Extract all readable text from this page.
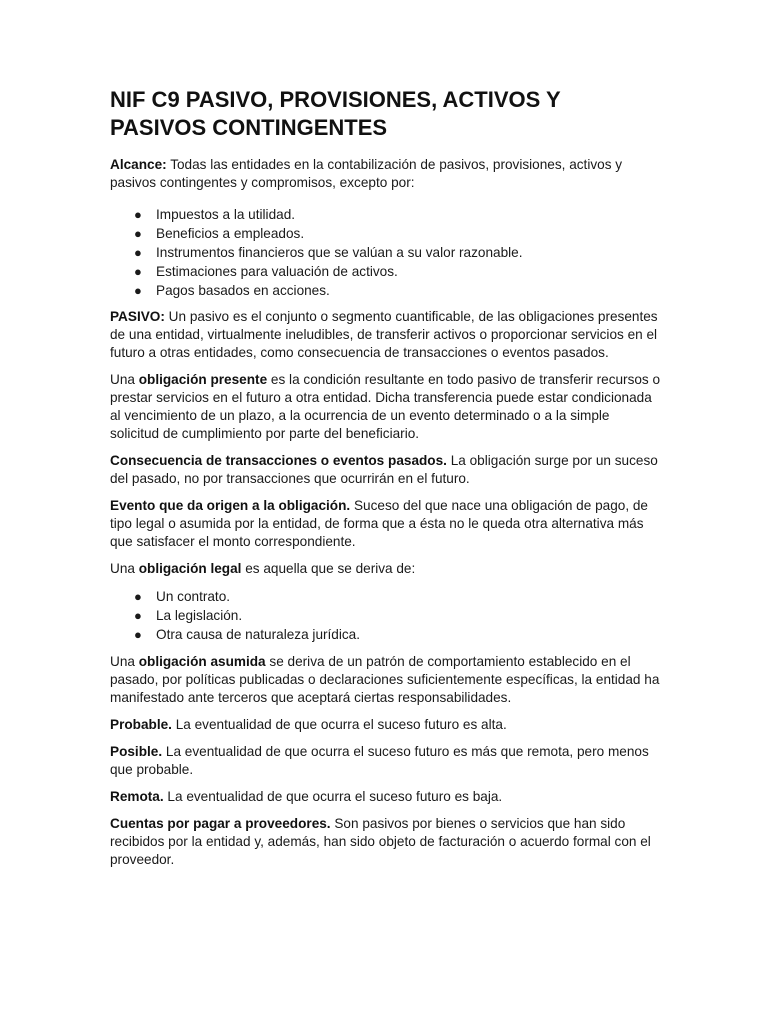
NIF C9 PASIVO, PROVISIONES, ACTIVOS Y PASIVOS CONTINGENTES

Alcance: Todas las entidades en la contabilización de pasivos, provisiones, activos y pasivos contingentes y compromisos, excepto por:

● Impuestos a la utilidad.
● Beneficios a empleados.
● Instrumentos financieros que se valúan a su valor razonable.
● Estimaciones para valuación de activos.
● Pagos basados en acciones.

PASIVO: Un pasivo es el conjunto o segmento cuantificable, de las obligaciones presentes de una entidad, virtualmente ineludibles, de transferir activos o proporcionar servicios en el futuro a otras entidades, como consecuencia de transacciones o eventos pasados.

Una obligación presente es la condición resultante en todo pasivo de transferir recursos o prestar servicios en el futuro a otra entidad. Dicha transferencia puede estar condicionada al vencimiento de un plazo, a la ocurrencia de un evento determinado o a la simple solicitud de cumplimiento por parte del beneficiario.

Consecuencia de transacciones o eventos pasados. La obligación surge por un suceso del pasado, no por transacciones que ocurrirán en el futuro.

Evento que da origen a la obligación. Suceso del que nace una obligación de pago, de tipo legal o asumida por la entidad, de forma que a ésta no le queda otra alternativa más que satisfacer el monto correspondiente.

Una obligación legal es aquella que se deriva de:

● Un contrato.
● La legislación.
● Otra causa de naturaleza jurídica.

Una obligación asumida se deriva de un patrón de comportamiento establecido en el pasado, por políticas publicadas o declaraciones suficientemente específicas, la entidad ha manifestado ante terceros que aceptará ciertas responsabilidades.

Probable. La eventualidad de que ocurra el suceso futuro es alta.

Posible. La eventualidad de que ocurra el suceso futuro es más que remota, pero menos que probable.

Remota. La eventualidad de que ocurra el suceso futuro es baja.

Cuentas por pagar a proveedores. Son pasivos por bienes o servicios que han sido recibidos por la entidad y, además, han sido objeto de facturación o acuerdo formal con el proveedor.
